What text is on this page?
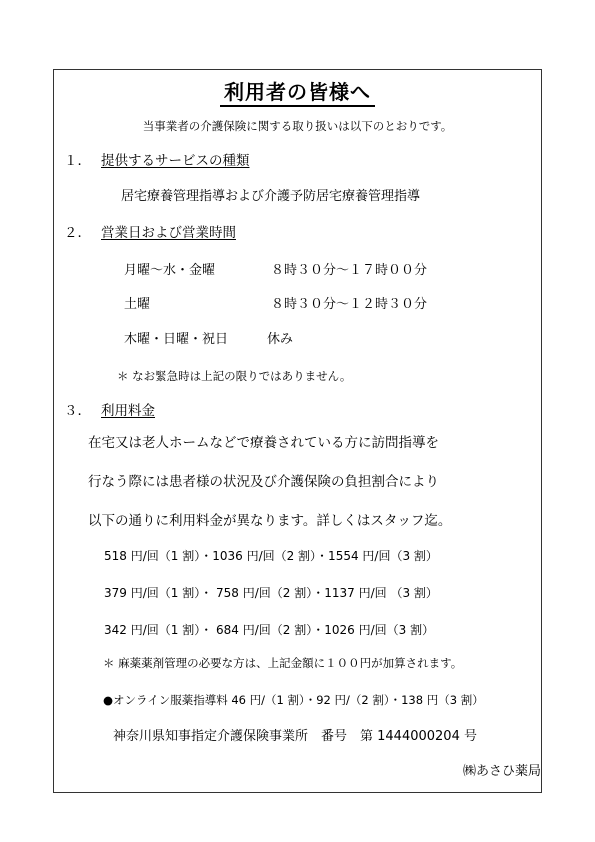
利用者の皆様へ
当事業者の介護保険に関する取り扱いは以下のとおりです。
１． 提供するサービスの種類
居宅療養管理指導および介護予防居宅療養管理指導
２． 営業日および営業時間
月曜〜水・金曜	８時３０分〜１７時００分
土曜	８時３０分〜１２時３０分
木曜・日曜・祝日	休み
＊ なお緊急時は上記の限りではありません。
３． 利用料金
在宅又は老人ホームなどで療養されている方に訪問指導を
行なう際には患者様の状況及び介護保険の負担割合により
以下の通りに利用料金が異なります。詳しくはスタッフ迄。
518 円/回（1 割）・1036 円/回（2 割）・1554 円/回（3 割）
379 円/回（1 割）・ 758 円/回（2 割）・1137 円/回 （3 割）
342 円/回（1 割）・ 684 円/回（2 割）・1026 円/回（3 割）
＊ 麻薬薬剤管理の必要な方は、上記金額に１００円が加算されます。
●オンライン服薬指導料 46 円/（1 割）・92 円/（2 割）・138 円（3 割）
神奈川県知事指定介護保険事業所　番号　第 1444000204 号
㈱あさひ薬局
